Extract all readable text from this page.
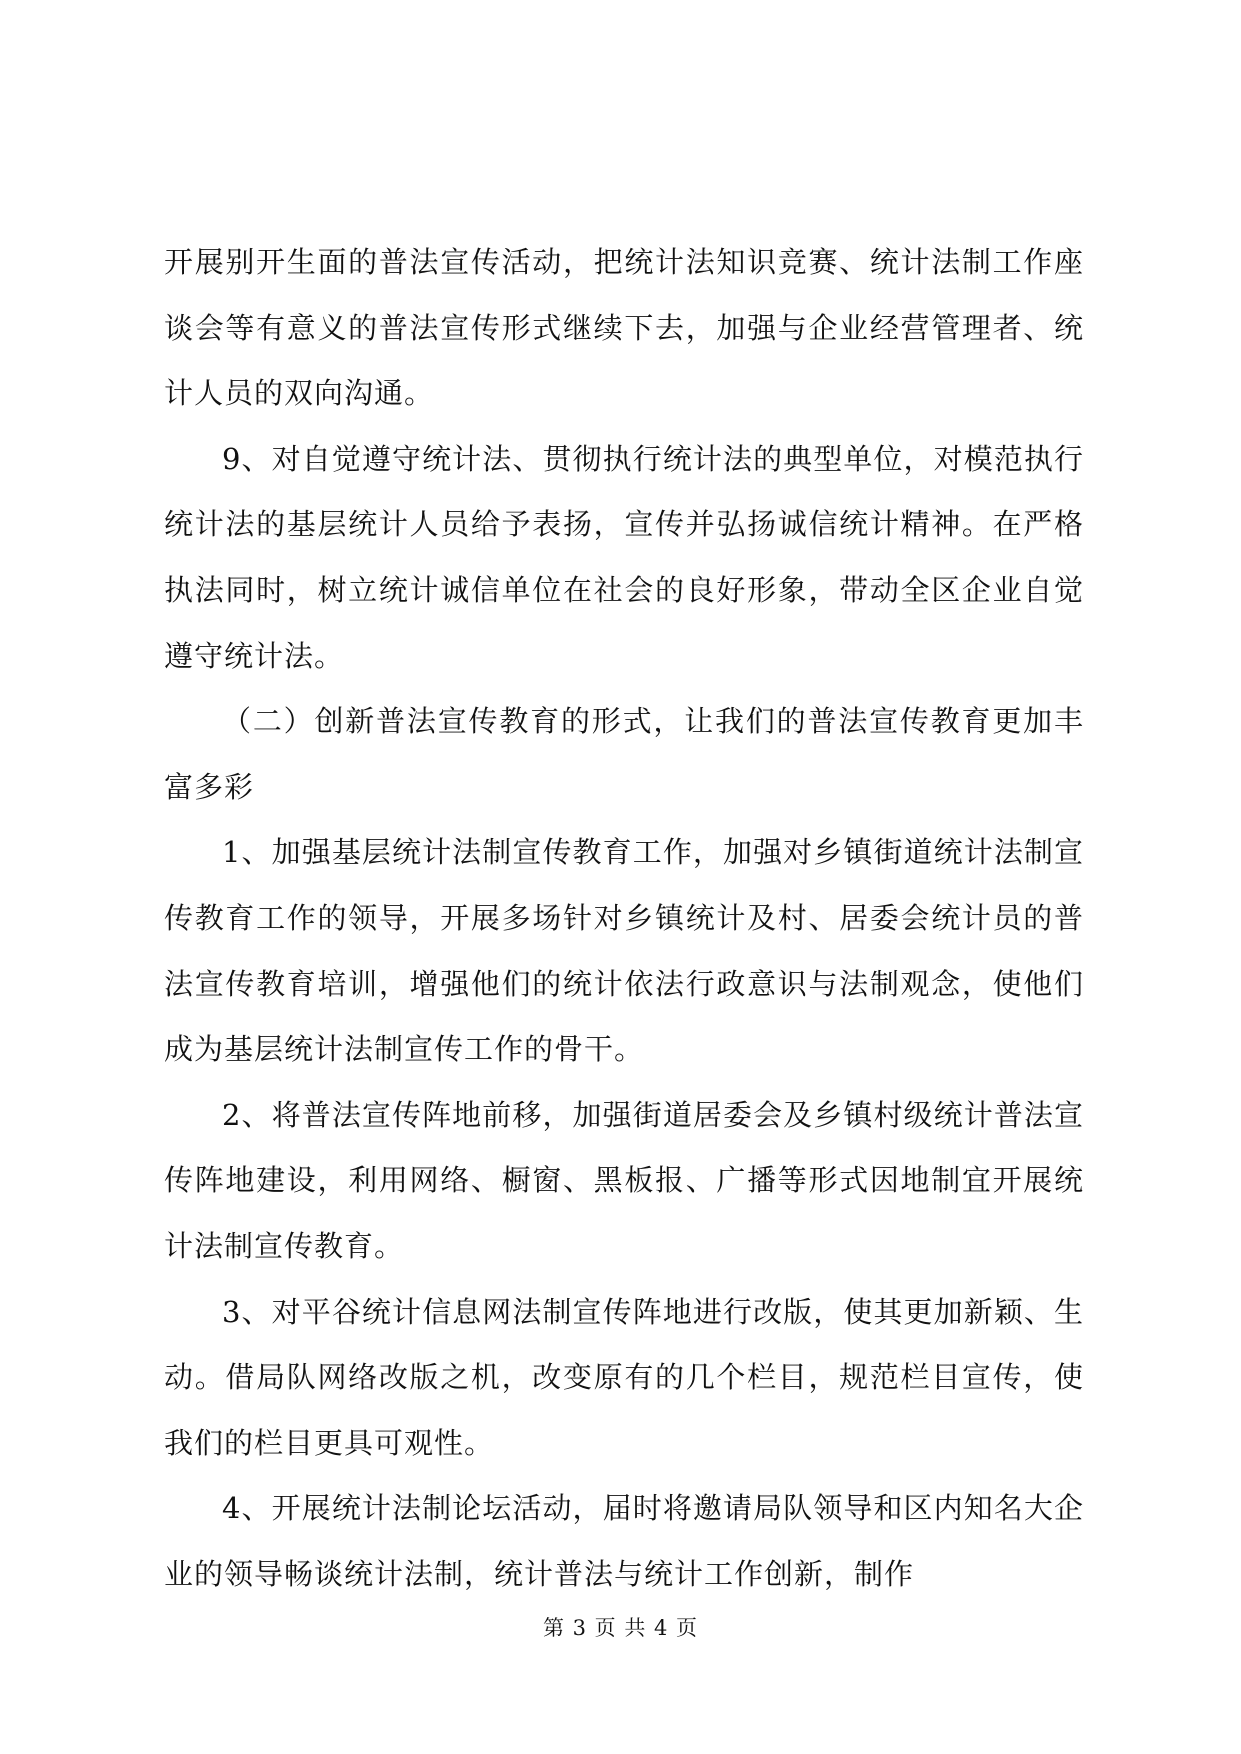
开展别开生面的普法宣传活动，把统计法知识竞赛、统计法制工作座谈会等有意义的普法宣传形式继续下去，加强与企业经营管理者、统计人员的双向沟通。

9、对自觉遵守统计法、贯彻执行统计法的典型单位，对模范执行统计法的基层统计人员给予表扬，宣传并弘扬诚信统计精神。在严格执法同时，树立统计诚信单位在社会的良好形象，带动全区企业自觉遵守统计法。

（二）创新普法宣传教育的形式，让我们的普法宣传教育更加丰富多彩

1、加强基层统计法制宣传教育工作，加强对乡镇街道统计法制宣传教育工作的领导，开展多场针对乡镇统计及村、居委会统计员的普法宣传教育培训，增强他们的统计依法行政意识与法制观念，使他们成为基层统计法制宣传工作的骨干。

2、将普法宣传阵地前移，加强街道居委会及乡镇村级统计普法宣传阵地建设，利用网络、橱窗、黑板报、广播等形式因地制宜开展统计法制宣传教育。

3、对平谷统计信息网法制宣传阵地进行改版，使其更加新颖、生动。借局队网络改版之机，改变原有的几个栏目，规范栏目宣传，使我们的栏目更具可观性。

4、开展统计法制论坛活动，届时将邀请局队领导和区内知名大企业的领导畅谈统计法制，统计普法与统计工作创新，制作

第 3 页 共 4 页
